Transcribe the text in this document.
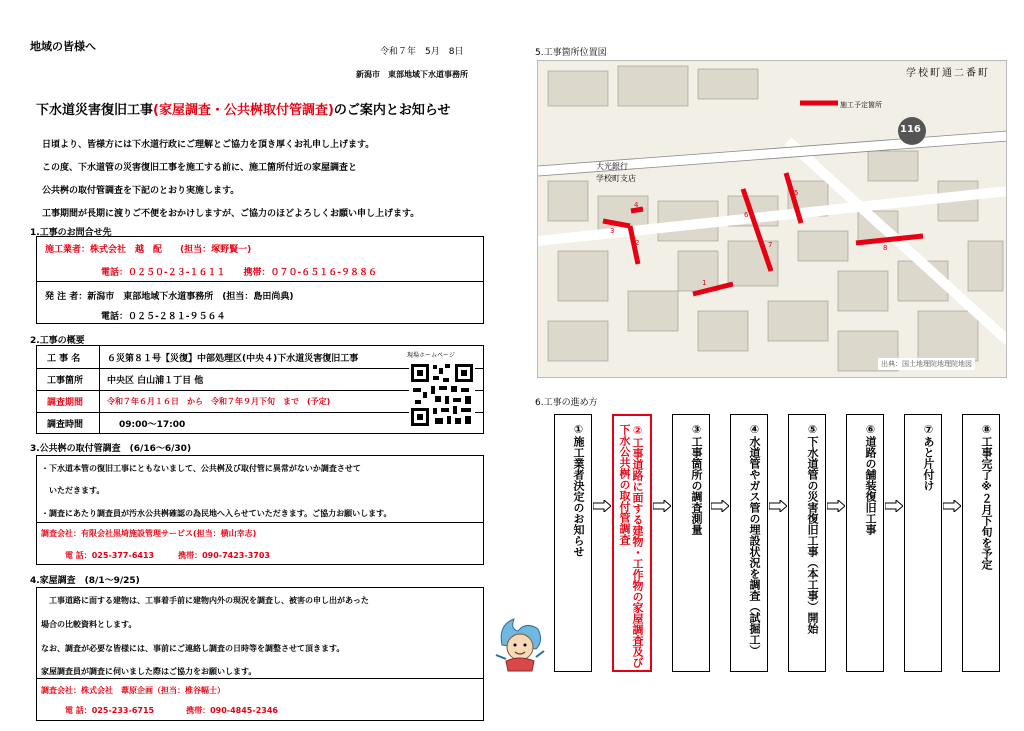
地域の皆様へ	令和７年　5月　8日
新潟市　東部地域下水道事務所
下水道災害復旧工事(家屋調査・公共桝取付管調査)のご案内とお知らせ
日頃より、皆様方には下水道行政にご理解とご協力を頂き厚くお礼申し上げます。
この度、下水道管の災害復旧工事を施工する前に、施工箇所付近の家屋調査と
公共桝の取付管調査を下記のとおり実施します。
工事期間が長期に渡りご不便をおかけしますが、ご協力のほどよろしくお願い申し上げます。
1.工事のお問合せ先
施工業者：株式会社　越　配　　(担当：塚野賢一)
電話：０２５０-２３-１６１１　　携帯：０７０-６５１６-９８８６
発 注 者：新潟市　東部地域下水道事務所　(担当：島田尚典)
電話：０２５-２８１-９５６４
2.工事の概要
工 事 名	６災第８１号【災復】中部処理区(中央４)下水道災害復旧工事
工事箇所	中央区 白山浦１丁目 他
調査期間	令和７年６月１６日　から　令和７年９月下旬　まで　(予定)
調査時間	09:00～17:00
現場ホームページ
3.公共桝の取付管調査　(6/16～6/30)
・下水道本管の復旧工事にともないまして、公共桝及び取付管に異常がないか調査させて
いただきます。
・調査にあたり調査員が汚水公共桝確認の為民地へ入らせていただきます。ご協力お願いします。
調査会社：有限会社黒埼施設管理サービス(担当：横山幸志)
電 話：025-377-6413　　　携帯：090-7423-3703
4.家屋調査　(8/1～9/25)
工事道路に面する建物は、工事着手前に建物内外の現況を調査し、被害の申し出があった
場合の比較資料とします。
なお、調査が必要な皆様には、事前にご連絡し調査の日時等を調整させて頂きます。
家屋調査員が調査に伺いました際はご協力をお願いします。
調査会社：株式会社　葦原企画（担当：椎谷幅士）
電 話：025-233-6715　　　　携帯：090-4845-2346
5.工事箇所位置図
学校町通二番町
施工予定箇所
116
大光銀行
学校町支店
1
2
3
4
5
6
7	8
出典：国土地理院地理院地図
6.工事の進め方
①施工業者決定のお知らせ	②工事道路に面する建物・工作物の家屋調査及び下水公共桝の取付管調査	③工事箇所の調査測量	④水道管やガス管の埋設状況を調査（試掘工）	⑤下水道管の災害復旧工事（本工事）開始	⑥道路の舗装復旧工事	⑦あと片付け	⑧工事完了※２月下旬を予定
